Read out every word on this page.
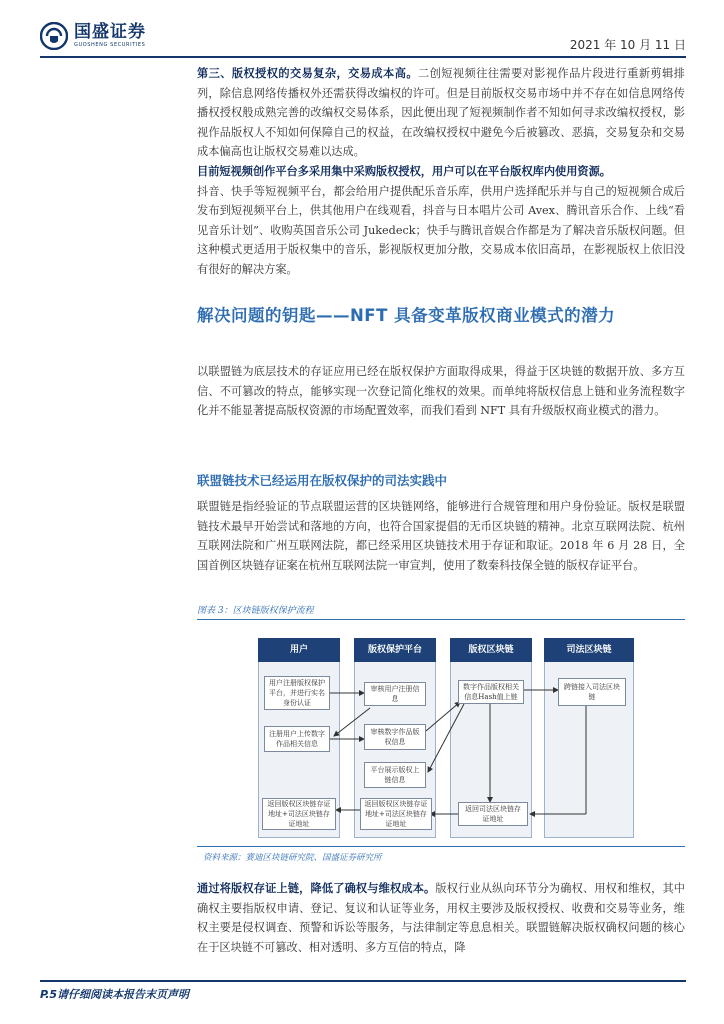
国盛证券
GUOSHENG SECURITIES	2021 年 10 月 11 日
第三、版权授权的交易复杂，交易成本高。二创短视频往往需要对影视作品片段进行重新剪辑排列，除信息网络传播权外还需获得改编权的许可。但是目前版权交易市场中并不存在如信息网络传播权授权般成熟完善的改编权交易体系，因此便出现了短视频制作者不知如何寻求改编权授权，影视作品版权人不知如何保障自己的权益，在改编权授权中避免今后被篡改、恶搞，交易复杂和交易成本偏高也让版权交易难以达成。
目前短视频创作平台多采用集中采购版权授权，用户可以在平台版权库内使用资源。
抖音、快手等短视频平台，都会给用户提供配乐音乐库，供用户选择配乐并与自己的短视频合成后发布到短视频平台上，供其他用户在线观看，抖音与日本唱片公司 Avex、腾讯音乐合作、上线“看见音乐计划”、收购英国音乐公司 Jukedeck；快手与腾讯音娱合作都是为了解决音乐版权问题。但这种模式更适用于版权集中的音乐，影视版权更加分散，交易成本依旧高昂，在影视版权上依旧没有很好的解决方案。
解决问题的钥匙——NFT 具备变革版权商业模式的潜力
以联盟链为底层技术的存证应用已经在版权保护方面取得成果，得益于区块链的数据开放、多方互信、不可篡改的特点，能够实现一次登记简化维权的效果。而单纯将版权信息上链和业务流程数字化并不能显著提高版权资源的市场配置效率，而我们看到 NFT 具有升级版权商业模式的潜力。
联盟链技术已经运用在版权保护的司法实践中
联盟链是指经验证的节点联盟运营的区块链网络，能够进行合规管理和用户身份验证。版权是联盟链技术最早开始尝试和落地的方向，也符合国家提倡的无币区块链的精神。北京互联网法院、杭州互联网法院和广州互联网法院，都已经采用区块链技术用于存证和取证。2018 年 6 月 28 日，全国首例区块链存证案在杭州互联网法院一审宣判，使用了数秦科技保全链的版权存证平台。
图表 3：区块链版权保护流程
用户	版权保护平台	版权区块链	司法区块链
用户注册版权保护平台，并进行实名身份认证
审核用户注册信息
数字作品版权相关信息Hash值上链
跨链接入司法区块链
注册用户上传数字作品相关信息
审核数字作品版权信息
平台展示版权上链信息
返回版权区块链存证地址+司法区块链存证地址
返回版权区块链存证地址+司法区块链存证地址
返回司法区块链存证地址
资料来源：赛迪区块链研究院、国盛证券研究所
通过将版权存证上链，降低了确权与维权成本。版权行业从纵向环节分为确权、用权和维权，其中确权主要指版权申请、登记、复议和认证等业务，用权主要涉及版权授权、收费和交易等业务，维权主要是侵权调查、预警和诉讼等服务，与法律制定等息息相关。联盟链解决版权确权问题的核心在于区块链不可篡改、相对透明、多方互信的特点，降
P.5请仔细阅读本报告末页声明
